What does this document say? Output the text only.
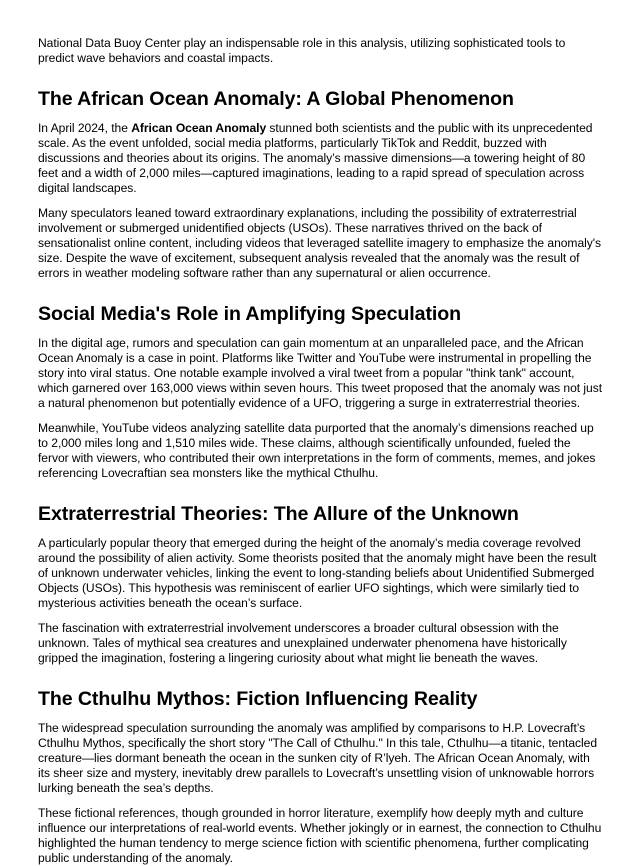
National Data Buoy Center play an indispensable role in this analysis, utilizing sophisticated tools to predict wave behaviors and coastal impacts.

The African Ocean Anomaly: A Global Phenomenon

In April 2024, the African Ocean Anomaly stunned both scientists and the public with its unprecedented scale. As the event unfolded, social media platforms, particularly TikTok and Reddit, buzzed with discussions and theories about its origins. The anomaly’s massive dimensions—a towering height of 80 feet and a width of 2,000 miles—captured imaginations, leading to a rapid spread of speculation across digital landscapes.

Many speculators leaned toward extraordinary explanations, including the possibility of extraterrestrial involvement or submerged unidentified objects (USOs). These narratives thrived on the back of sensationalist online content, including videos that leveraged satellite imagery to emphasize the anomaly's size. Despite the wave of excitement, subsequent analysis revealed that the anomaly was the result of errors in weather modeling software rather than any supernatural or alien occurrence.

Social Media's Role in Amplifying Speculation

In the digital age, rumors and speculation can gain momentum at an unparalleled pace, and the African Ocean Anomaly is a case in point. Platforms like Twitter and YouTube were instrumental in propelling the story into viral status. One notable example involved a viral tweet from a popular "think tank" account, which garnered over 163,000 views within seven hours. This tweet proposed that the anomaly was not just a natural phenomenon but potentially evidence of a UFO, triggering a surge in extraterrestrial theories.

Meanwhile, YouTube videos analyzing satellite data purported that the anomaly’s dimensions reached up to 2,000 miles long and 1,510 miles wide. These claims, although scientifically unfounded, fueled the fervor with viewers, who contributed their own interpretations in the form of comments, memes, and jokes referencing Lovecraftian sea monsters like the mythical Cthulhu.

Extraterrestrial Theories: The Allure of the Unknown

A particularly popular theory that emerged during the height of the anomaly’s media coverage revolved around the possibility of alien activity. Some theorists posited that the anomaly might have been the result of unknown underwater vehicles, linking the event to long-standing beliefs about Unidentified Submerged Objects (USOs). This hypothesis was reminiscent of earlier UFO sightings, which were similarly tied to mysterious activities beneath the ocean’s surface.

The fascination with extraterrestrial involvement underscores a broader cultural obsession with the unknown. Tales of mythical sea creatures and unexplained underwater phenomena have historically gripped the imagination, fostering a lingering curiosity about what might lie beneath the waves.

The Cthulhu Mythos: Fiction Influencing Reality

The widespread speculation surrounding the anomaly was amplified by comparisons to H.P. Lovecraft’s Cthulhu Mythos, specifically the short story "The Call of Cthulhu." In this tale, Cthulhu—a titanic, tentacled creature—lies dormant beneath the ocean in the sunken city of R’lyeh. The African Ocean Anomaly, with its sheer size and mystery, inevitably drew parallels to Lovecraft’s unsettling vision of unknowable horrors lurking beneath the sea’s depths.

These fictional references, though grounded in horror literature, exemplify how deeply myth and culture influence our interpretations of real-world events. Whether jokingly or in earnest, the connection to Cthulhu highlighted the human tendency to merge science fiction with scientific phenomena, further complicating public understanding of the anomaly.
